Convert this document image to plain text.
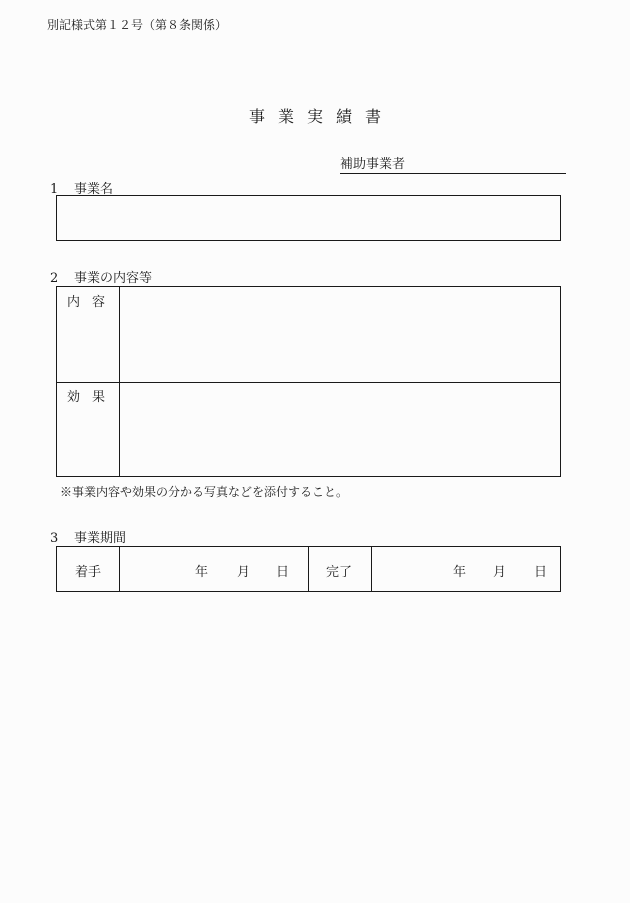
別記様式第１２号（第８条関係）
事業実績書
補助事業者
1 事業名
2 事業の内容等
内容
効果
※事業内容や効果の分かる写真などを添付すること。
3 事業期間
着手	年 月 日	完了	年 月 日
